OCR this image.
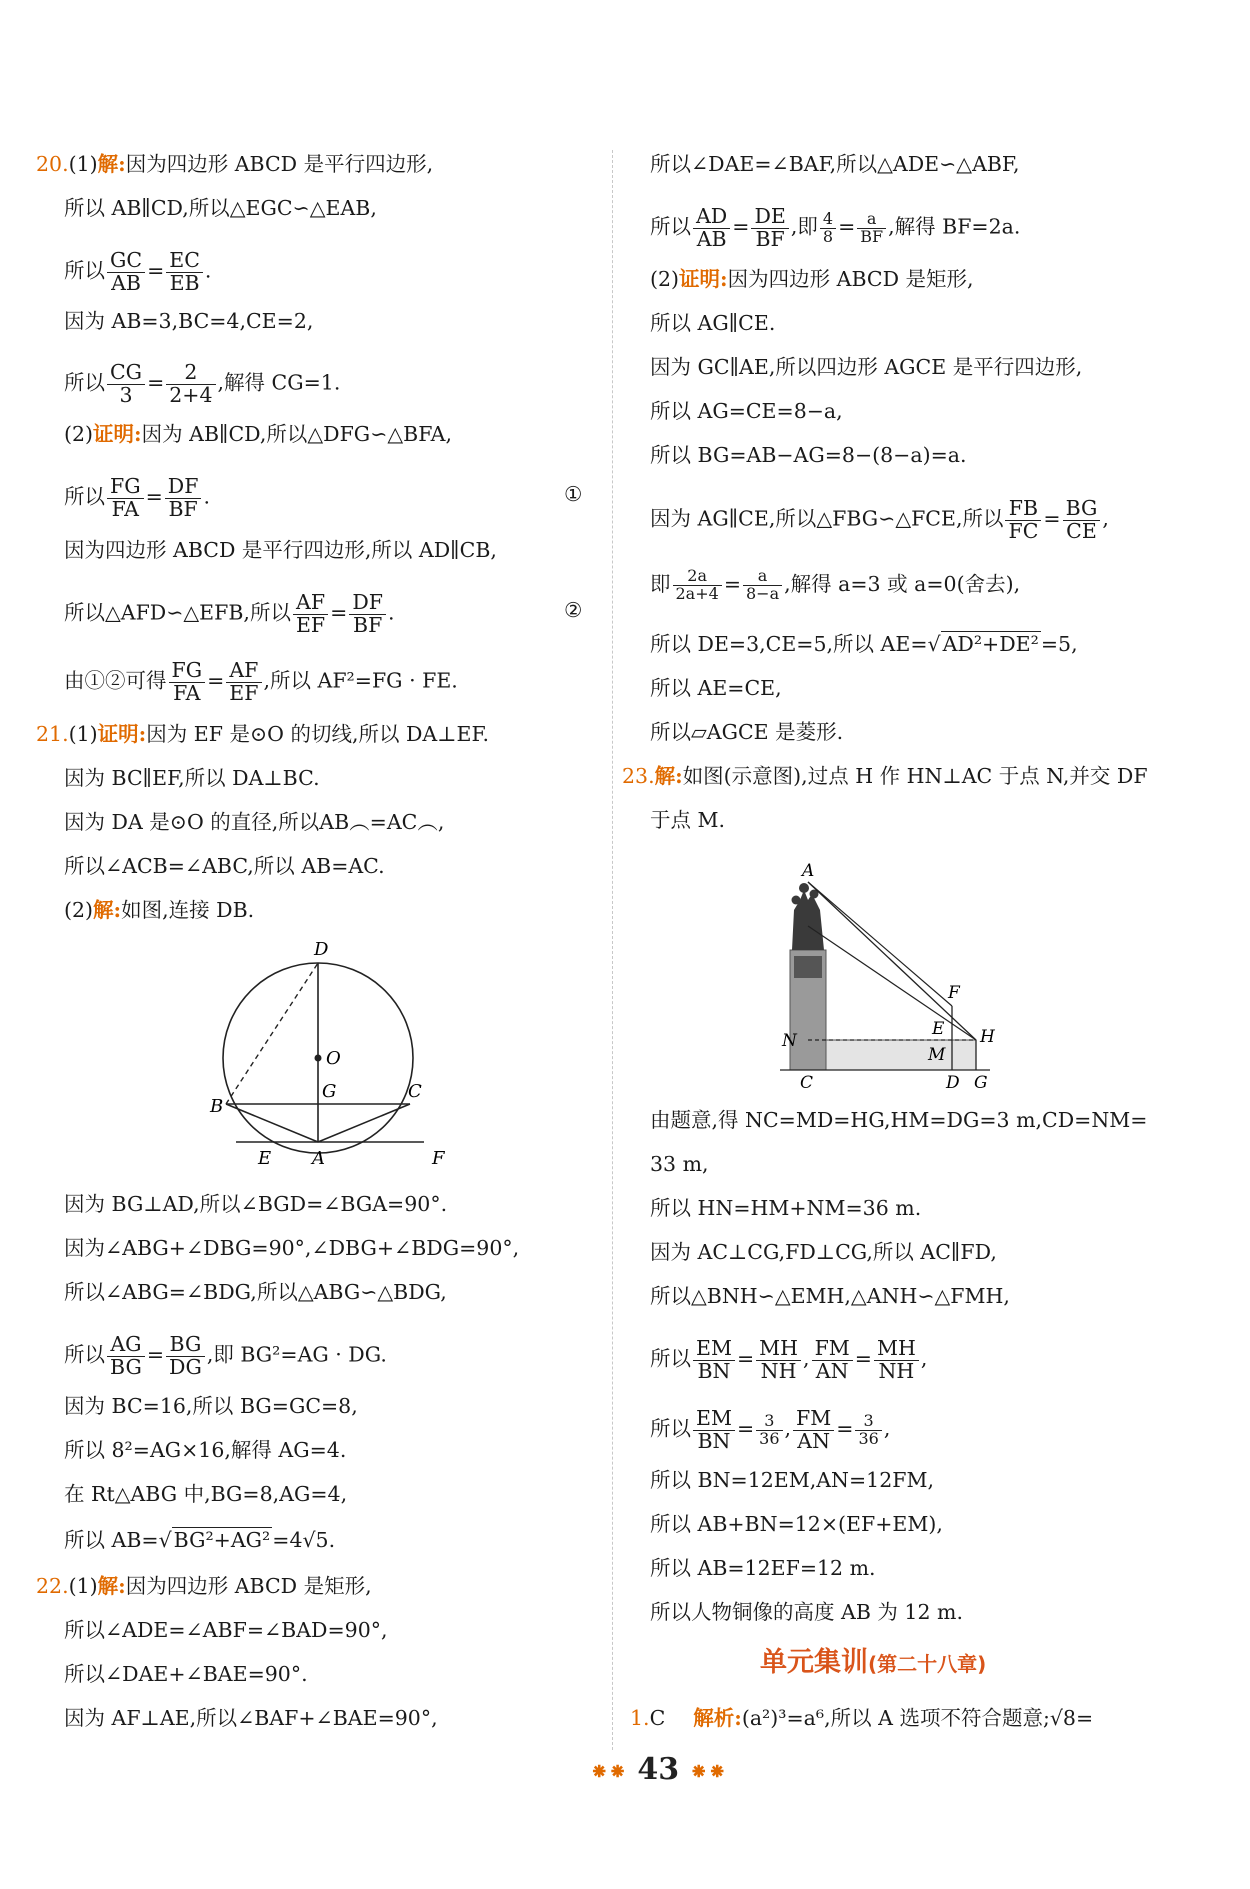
20.(1)解:因为四边形 ABCD 是平行四边形,
所以 AB∥CD,所以△EGC∽△EAB,
所以 $\frac{GC}{AB} = \frac{EC}{EB}$ .
因为 AB=3,BC=4,CE=2,
所以 $\frac{CG}{3} = \frac{2}{2+4}$ ,解得 CG=1.
(2)证明:因为 AB∥CD,所以△DFG∽△BFA,
所以 $\frac{FG}{FA} = \frac{DF}{BF}$ .	①
因为四边形 ABCD 是平行四边形,所以 AD∥CB,
所以△AFD∽△EFB,所以 $\frac{AF}{EF} = \frac{DF}{BF}$ .	②
由①②可得 $\frac{FG}{FA} = \frac{AF}{EF}$ ,所以 AF²=FG · FE.
21.(1)证明:因为 EF 是⊙O 的切线,所以 DA⊥EF.
因为 BC∥EF,所以 DA⊥BC.
因为 DA 是⊙O 的直径,所以AB︵=AC︵,
所以∠ACB=∠ABC,所以 AB=AC.
(2)解:如图,连接 DB.
D
O
G
B
C
E A	F
因为 BG⊥AD,所以∠BGD=∠BGA=90°.
因为∠ABG+∠DBG=90°,∠DBG+∠BDG=90°,
所以∠ABG=∠BDG,所以△ABG∽△BDG,
所以 $\frac{AG}{BG} = \frac{BG}{DG}$ ,即 BG²=AG · DG.
因为 BC=16,所以 BG=GC=8,
所以 8²=AG×16,解得 AG=4.
在 Rt△ABG 中,BG=8,AG=4,
所以 AB=√BG²+AG²=4√5.
22.(1)解:因为四边形 ABCD 是矩形,
所以∠ADE=∠ABF=∠BAD=90°,
所以∠DAE+∠BAE=90°.
因为 AF⊥AE,所以∠BAF+∠BAE=90°,
所以∠DAE=∠BAF,所以△ADE∽△ABF,
所以 $\frac{AD}{AB} = \frac{DE}{BF}$ ,即 $\frac{4}{8} = \frac{a}{BF}$ ,解得 BF=2a.
(2)证明:因为四边形 ABCD 是矩形,
所以 AG∥CE.
因为 GC∥AE,所以四边形 AGCE 是平行四边形,
所以 AG=CE=8−a,
所以 BG=AB−AG=8−(8−a)=a.
因为 AG∥CE,所以△FBG∽△FCE,所以 $\frac{FB}{FC} = \frac{BG}{CE}$ ,
即 $\frac{2a}{2a+4} = \frac{a}{8-a}$ ,解得 a=3 或 a=0(舍去),
所以 DE=3,CE=5,所以 AE=√AD²+DE²=5,
所以 AE=CE,
所以▱AGCE 是菱形.
23.解:如图(示意图),过点 H 作 HN⊥AC 于点 N,并交 DF
于点 M.
A
F
E H
N
M
C	D G
由题意,得 NC=MD=HG,HM=DG=3 m,CD=NM=
33 m,
所以 HN=HM+NM=36 m.
因为 AC⊥CG,FD⊥CG,所以 AC∥FD,
所以△BNH∽△EMH,△ANH∽△FMH,
所以 $\frac{EM}{BN} = \frac{MH}{NH}$ , $\frac{FM}{AN} = \frac{MH}{NH}$ ,
所以 $\frac{EM}{BN} = \frac{3}{36}$ , $\frac{FM}{AN} = \frac{3}{36}$ ,
所以 BN=12EM,AN=12FM,
所以 AB+BN=12×(EF+EM),
所以 AB=12EF=12 m.
所以人物铜像的高度 AB 为 12 m.
1.C 解析:(a²)³=a⁶,所以 A 选项不符合题意;√8=
单元集训(第二十八章)
⁕⁕ 43 ⁕⁕
